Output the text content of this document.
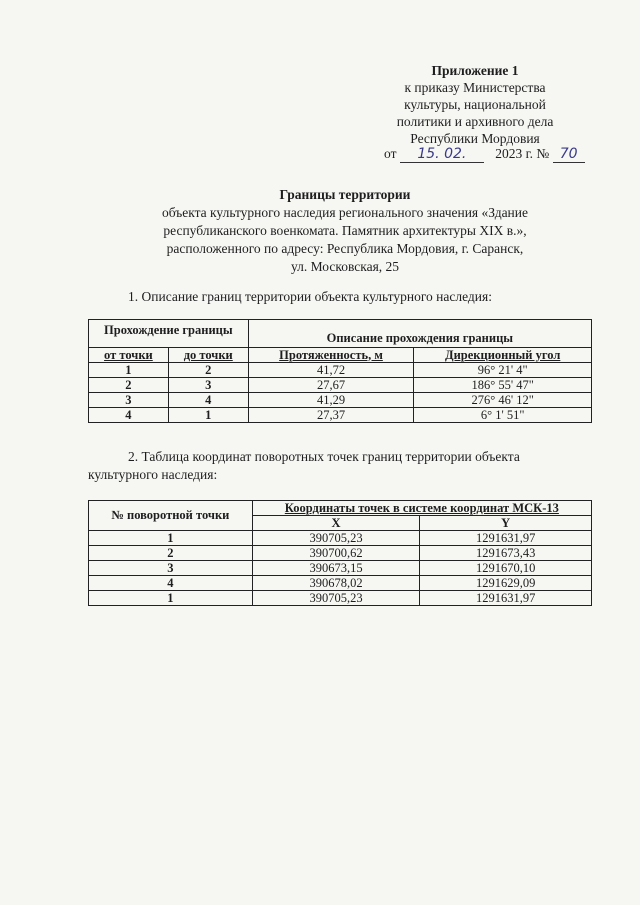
Приложение 1
к приказу Министерства
культуры, национальной
политики и архивного дела
Республики Мордовия
от 15. 02. 2023 г. № 70
Границы территории
объекта культурного наследия регионального значения «Здание
республиканского военкомата. Памятник архитектуры XIX в.»,
расположенного по адресу: Республика Мордовия, г. Саранск,
ул. Московская, 25
1. Описание границ территории объекта культурного наследия:
Прохождение границы		Описание прохождения границы	
от точки	до точки	Протяженность, м	Дирекционный угол
1	2	41,72	96° 21' 4"
2	3	27,67	186° 55' 47"
3	4	41,29	276° 46' 12"
4	1	27,37	6° 1' 51"
2. Таблица координат поворотных точек границ территории объекта
культурного наследия:
№ поворотной точки	Координаты точек в системе координат МСК-13	
	X	Y
1	390705,23	1291631,97
2	390700,62	1291673,43
3	390673,15	1291670,10
4	390678,02	1291629,09
1	390705,23	1291631,97
